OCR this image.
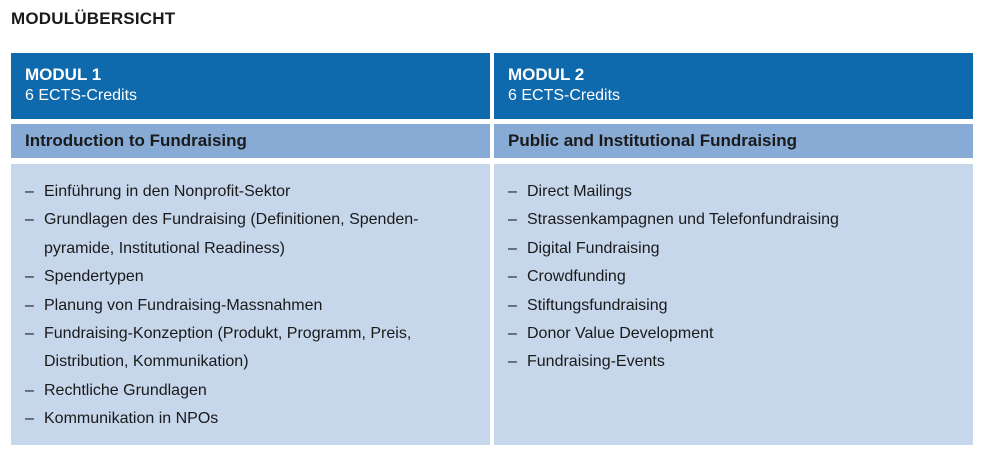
MODULÜBERSICHT
MODUL 1
6 ECTS-Credits
Introduction to Fundraising
– Einführung in den Nonprofit-Sektor
– Grundlagen des Fundraising (Definitionen, Spenden-
pyramide, Institutional Readiness)
– Spendertypen
– Planung von Fundraising-Massnahmen
– Fundraising-Konzeption (Produkt, Programm, Preis,
Distribution, Kommunikation)
– Rechtliche Grundlagen
– Kommunikation in NPOs
MODUL 2
6 ECTS-Credits
Public and Institutional Fundraising
– Direct Mailings
– Strassenkampagnen und Telefonfundraising
– Digital Fundraising
– Crowdfunding
– Stiftungsfundraising
– Donor Value Development
– Fundraising-Events
